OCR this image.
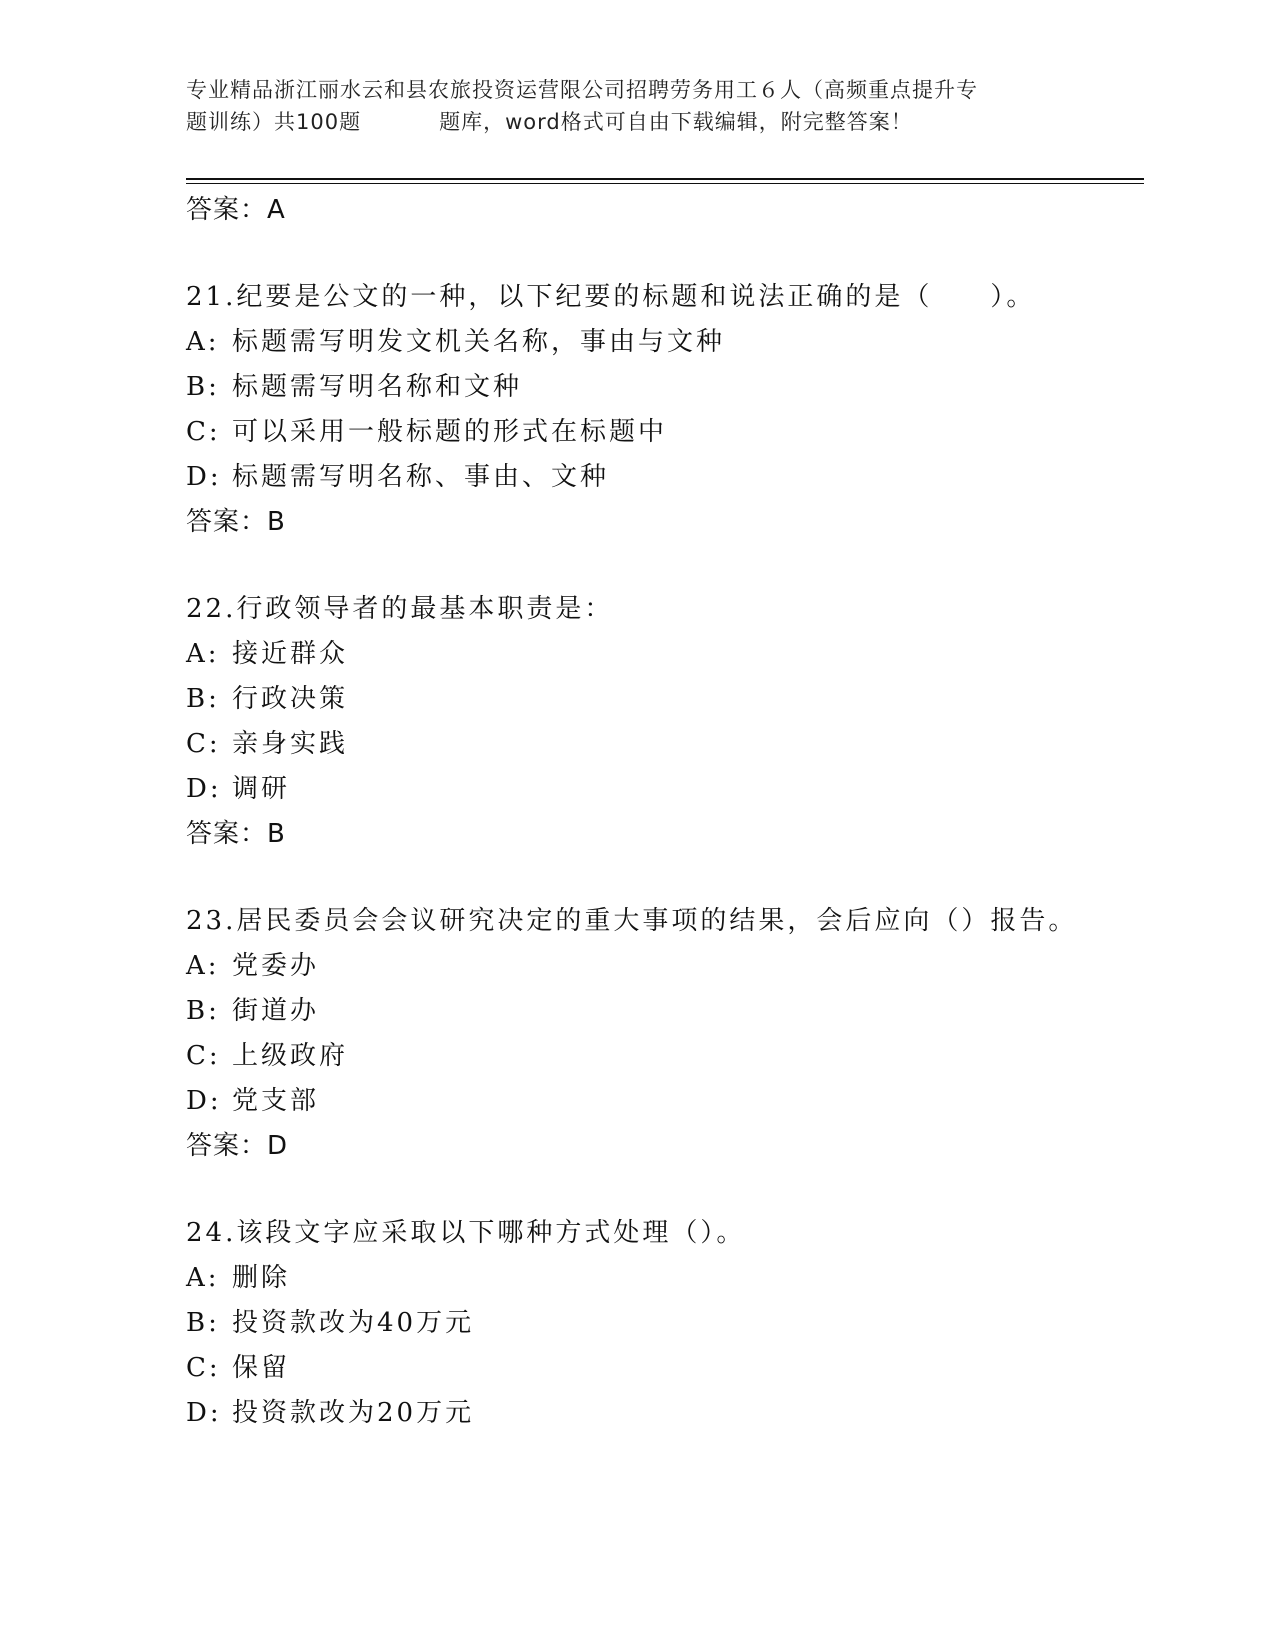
专业精品浙江丽水云和县农旅投资运营限公司招聘劳务用工６人（高频重点提升专
题训练）共100题	题库，word格式可自由下载编辑，附完整答案！
答案：A
21.纪要是公文的一种，以下纪要的标题和说法正确的是（　　）。
A: 标题需写明发文机关名称，事由与文种
B: 标题需写明名称和文种
C: 可以采用一般标题的形式在标题中
D: 标题需写明名称、事由、文种
答案：B
22.行政领导者的最基本职责是：
A: 接近群众
B: 行政决策
C: 亲身实践
D: 调研
答案：B
23.居民委员会会议研究决定的重大事项的结果，会后应向（）报告。
A: 党委办
B: 街道办
C: 上级政府
D: 党支部
答案：D
24.该段文字应采取以下哪种方式处理（）。
A: 删除
B: 投资款改为40万元
C: 保留
D: 投资款改为20万元
